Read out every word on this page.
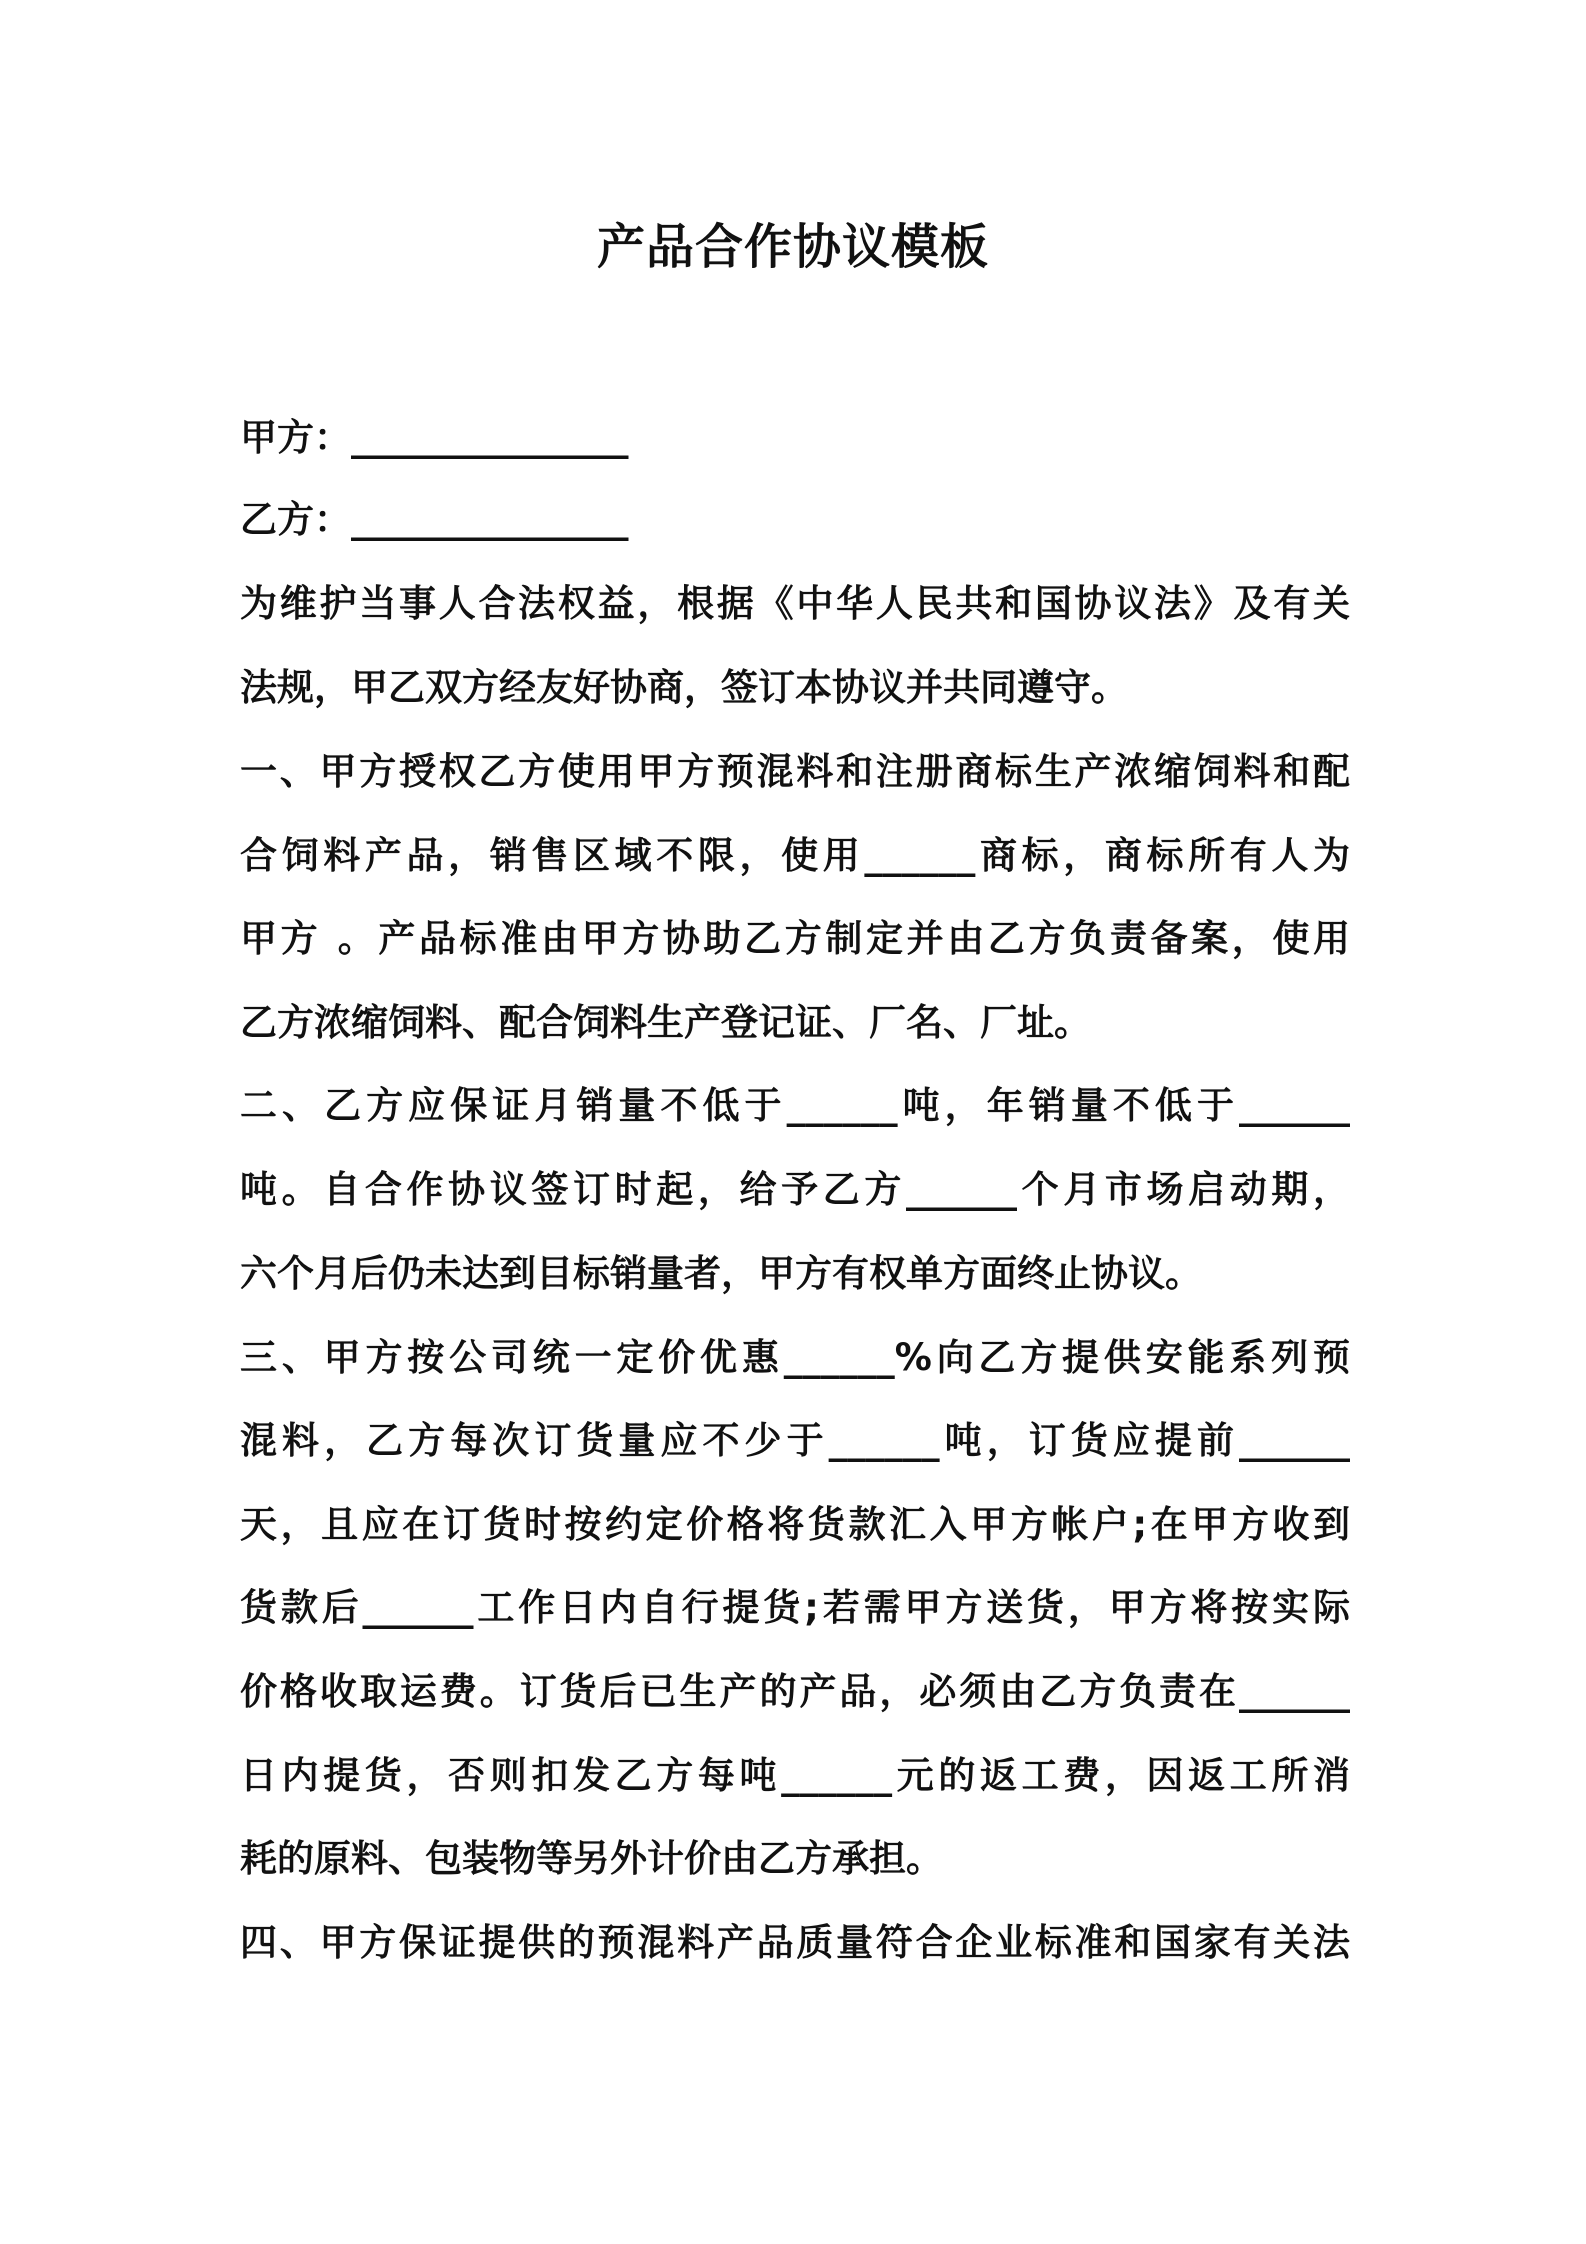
产品合作协议模板
甲方：_______________
乙方：_______________
为维护当事人合法权益，根据《中华人民共和国协议法》及有关
法规，甲乙双方经友好协商，签订本协议并共同遵守。
一、甲方授权乙方使用甲方预混料和注册商标生产浓缩饲料和配
合饲料产品，销售区域不限，使用______商标，商标所有人为
甲方 。产品标准由甲方协助乙方制定并由乙方负责备案，使用
乙方浓缩饲料、配合饲料生产登记证、厂名、厂址。
二、乙方应保证月销量不低于______吨，年销量不低于______
吨。自合作协议签订时起，给予乙方______个月市场启动期，
六个月后仍未达到目标销量者，甲方有权单方面终止协议。
三、甲方按公司统一定价优惠______%向乙方提供安能系列预
混料，乙方每次订货量应不少于______吨，订货应提前______
天，且应在订货时按约定价格将货款汇入甲方帐户;在甲方收到
货款后______工作日内自行提货;若需甲方送货，甲方将按实际
价格收取运费。订货后已生产的产品，必须由乙方负责在______
日内提货，否则扣发乙方每吨______元的返工费，因返工所消
耗的原料、包装物等另外计价由乙方承担。
四、甲方保证提供的预混料产品质量符合企业标准和国家有关法
